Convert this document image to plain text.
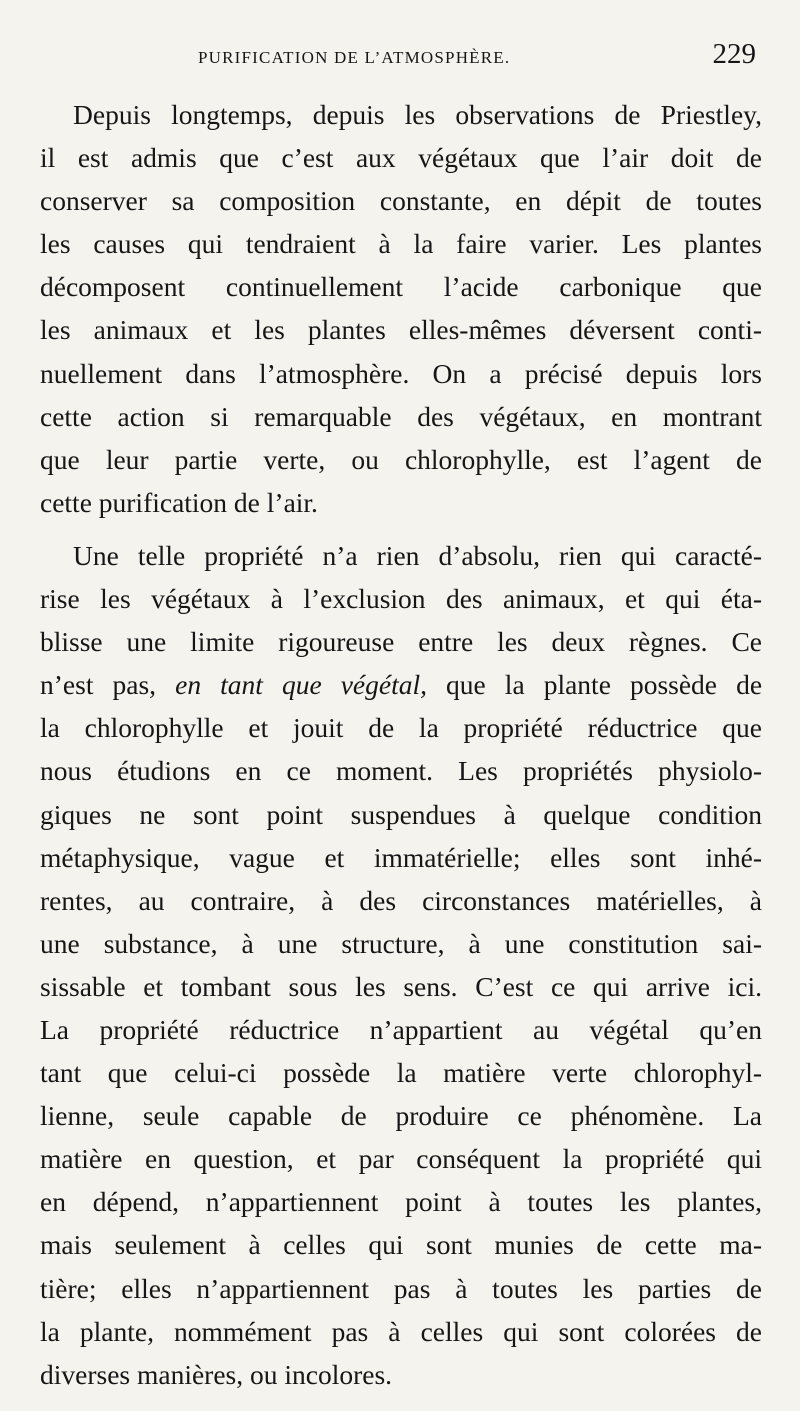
PURIFICATION DE L’ATMOSPHÈRE.	229
Depuis longtemps, depuis les observations de Priestley,
il est admis que c’est aux végétaux que l’air doit de
conserver sa composition constante, en dépit de toutes
les causes qui tendraient à la faire varier. Les plantes
décomposent continuellement l’acide carbonique que
les animaux et les plantes elles-mêmes déversent conti-
nuellement dans l’atmosphère. On a précisé depuis lors
cette action si remarquable des végétaux, en montrant
que leur partie verte, ou chlorophylle, est l’agent de
cette purification de l’air.
Une telle propriété n’a rien d’absolu, rien qui caracté-
rise les végétaux à l’exclusion des animaux, et qui éta-
blisse une limite rigoureuse entre les deux règnes. Ce
n’est pas, en tant que végétal, que la plante possède de
la chlorophylle et jouit de la propriété réductrice que
nous étudions en ce moment. Les propriétés physiolo-
giques ne sont point suspendues à quelque condition
métaphysique, vague et immatérielle; elles sont inhé-
rentes, au contraire, à des circonstances matérielles, à
une substance, à une structure, à une constitution sai-
sissable et tombant sous les sens. C’est ce qui arrive ici.
La propriété réductrice n’appartient au végétal qu’en
tant que celui-ci possède la matière verte chlorophyl-
lienne, seule capable de produire ce phénomène. La
matière en question, et par conséquent la propriété qui
en dépend, n’appartiennent point à toutes les plantes,
mais seulement à celles qui sont munies de cette ma-
tière; elles n’appartiennent pas à toutes les parties de
la plante, nommément pas à celles qui sont colorées de
diverses manières, ou incolores.
